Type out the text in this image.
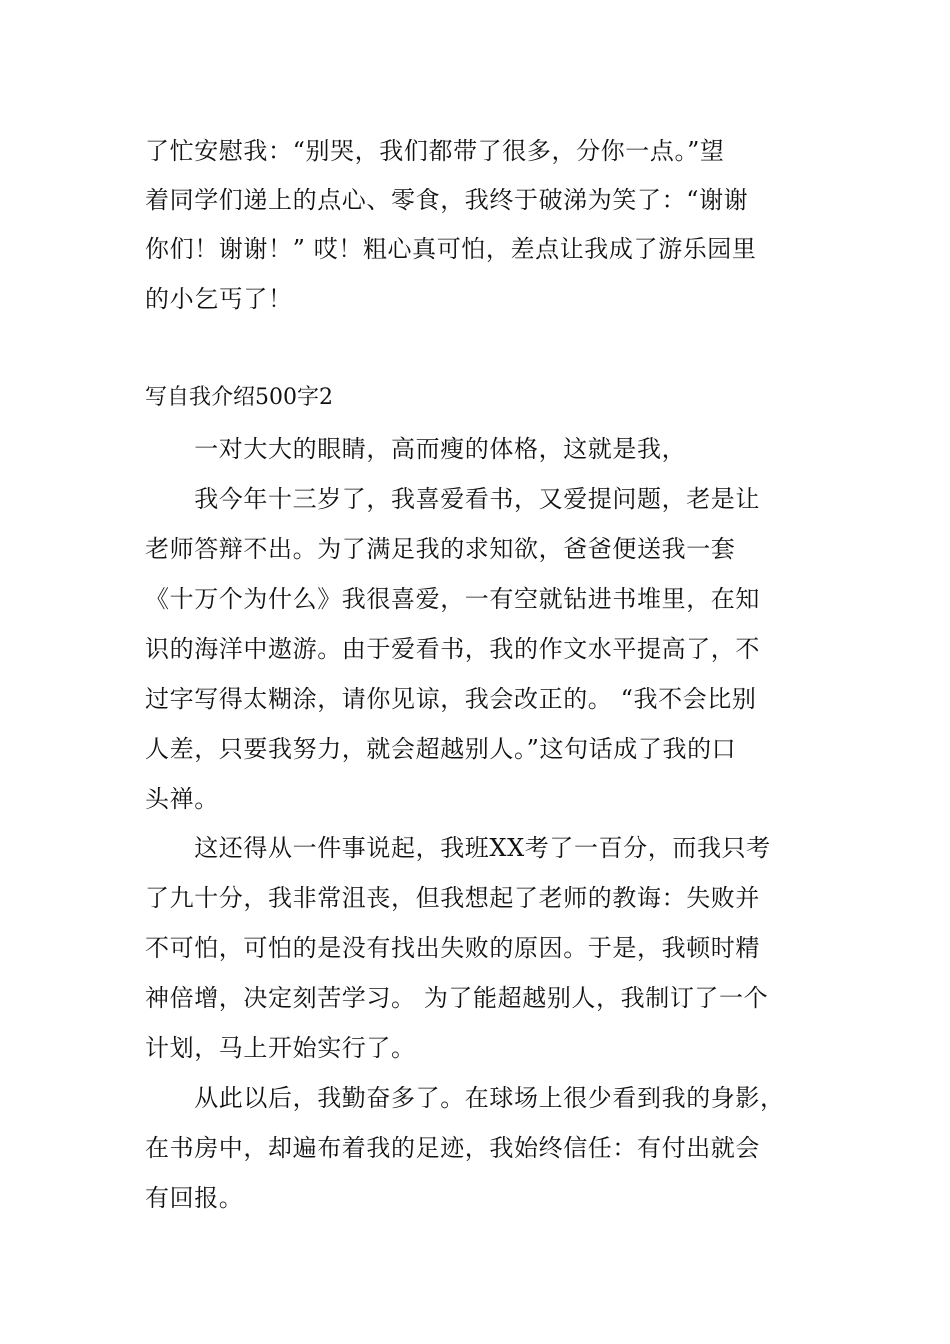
了忙安慰我：“别哭，我们都带了很多，分你一点。”望
着同学们递上的点心、零食，我终于破涕为笑了：“谢谢
你们！谢谢！” 哎！粗心真可怕，差点让我成了游乐园里
的小乞丐了！
写自我介绍500字2
　　一对大大的眼睛，高而瘦的体格，这就是我，
　　我今年十三岁了，我喜爱看书，又爱提问题，老是让
老师答辩不出。为了满足我的求知欲，爸爸便送我一套
《十万个为什么》我很喜爱，一有空就钻进书堆里，在知
识的海洋中遨游。由于爱看书，我的作文水平提高了，不
过字写得太糊涂，请你见谅，我会改正的。 “我不会比别
人差，只要我努力，就会超越别人。”这句话成了我的口
头禅。
　　这还得从一件事说起，我班XX考了一百分，而我只考
了九十分，我非常沮丧，但我想起了老师的教诲：失败并
不可怕，可怕的是没有找出失败的原因。于是，我顿时精
神倍增，决定刻苦学习。 为了能超越别人，我制订了一个
计划，马上开始实行了。
　　从此以后，我勤奋多了。在球场上很少看到我的身影，
在书房中，却遍布着我的足迹，我始终信任：有付出就会
有回报。
